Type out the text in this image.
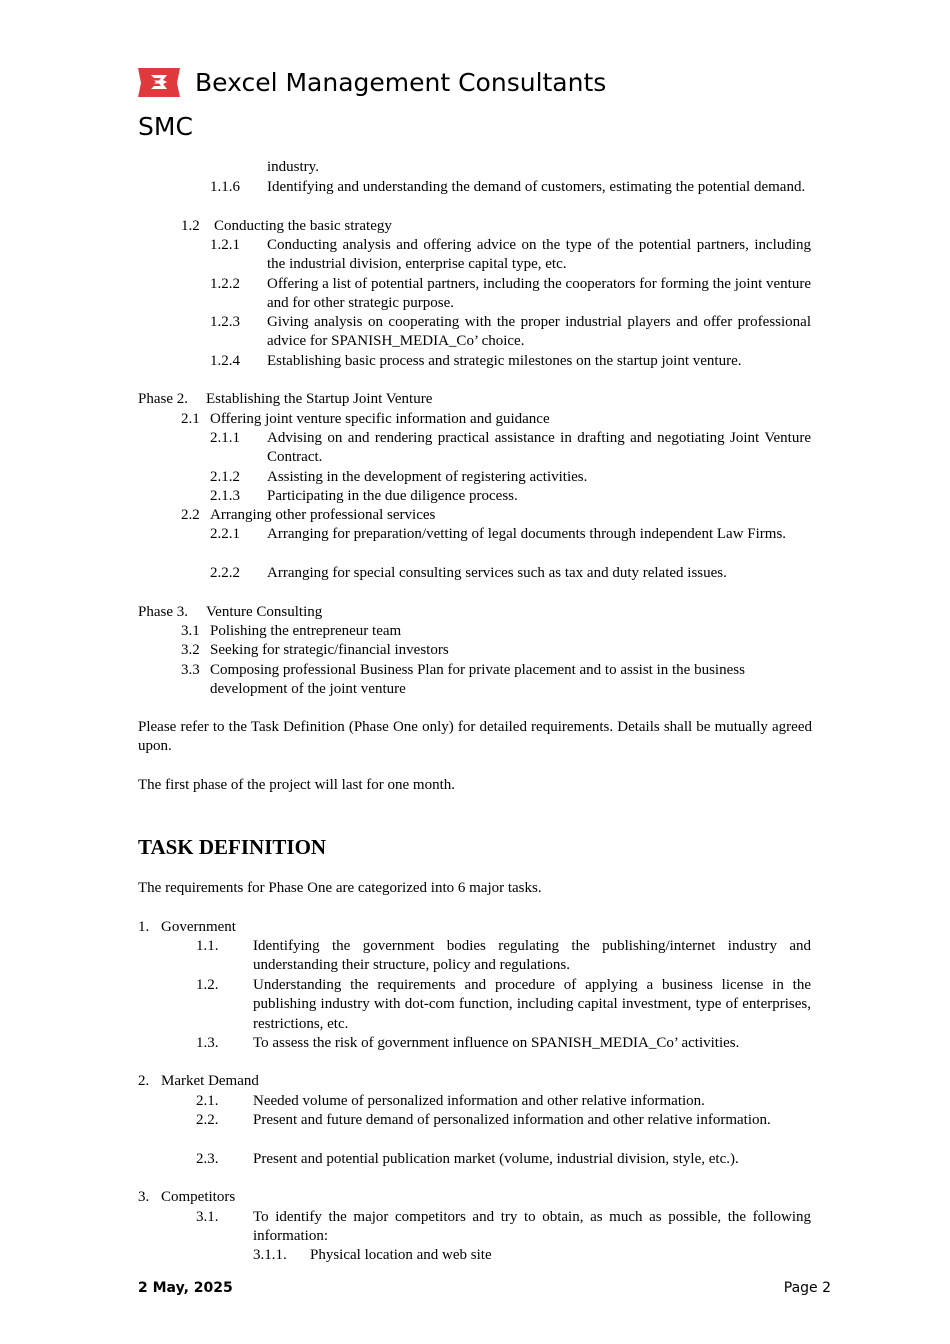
Bexcel Management Consultants
SMC
industry.
1.1.6 Identifying and understanding the demand of customers, estimating the potential demand.
1.2 Conducting the basic strategy
1.2.1 Conducting analysis and offering advice on the type of the potential partners, including the industrial division, enterprise capital type, etc.
1.2.2 Offering a list of potential partners, including the cooperators for forming the joint venture and for other strategic purpose.
1.2.3 Giving analysis on cooperating with the proper industrial players and offer professional advice for SPANISH_MEDIA_Co’ choice.
1.2.4 Establishing basic process and strategic milestones on the startup joint venture.
Phase 2. Establishing the Startup Joint Venture
2.1 Offering joint venture specific information and guidance
2.1.1 Advising on and rendering practical assistance in drafting and negotiating Joint Venture Contract.
2.1.2 Assisting in the development of registering activities.
2.1.3 Participating in the due diligence process.
2.2 Arranging other professional services
2.2.1 Arranging for preparation/vetting of legal documents through independent Law Firms.
2.2.2 Arranging for special consulting services such as tax and duty related issues.
Phase 3. Venture Consulting
3.1 Polishing the entrepreneur team
3.2 Seeking for strategic/financial investors
3.3 Composing professional Business Plan for private placement and to assist in the business development of the joint venture
Please refer to the Task Definition (Phase One only) for detailed requirements. Details shall be mutually agreed upon.
The first phase of the project will last for one month.
TASK DEFINITION
The requirements for Phase One are categorized into 6 major tasks.
1. Government
1.1. Identifying the government bodies regulating the publishing/internet industry and understanding their structure, policy and regulations.
1.2. Understanding the requirements and procedure of applying a business license in the publishing industry with dot-com function, including capital investment, type of enterprises, restrictions, etc.
1.3. To assess the risk of government influence on SPANISH_MEDIA_Co’ activities.
2. Market Demand
2.1. Needed volume of personalized information and other relative information.
2.2. Present and future demand of personalized information and other relative information.
2.3. Present and potential publication market (volume, industrial division, style, etc.).
3. Competitors
3.1. To identify the major competitors and try to obtain, as much as possible, the following information:
3.1.1. Physical location and web site
2 May, 2025	Page 2
